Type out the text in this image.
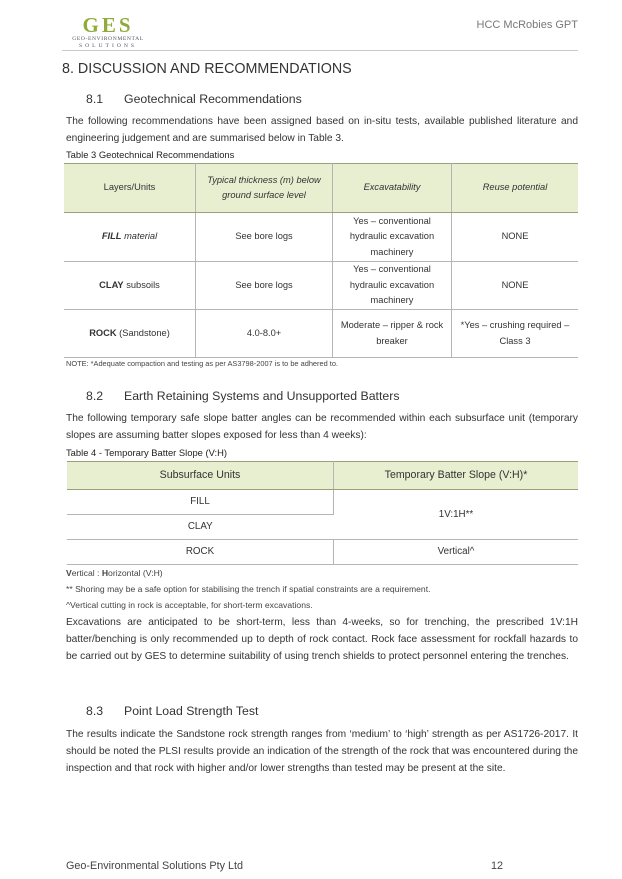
GES
GEO-ENVIRONMENTAL
SOLUTIONS
HCC McRobies GPT
8. DISCUSSION AND RECOMMENDATIONS
8.1 Geotechnical Recommendations
The following recommendations have been assigned based on in-situ tests, available published literature and engineering judgement and are summarised below in Table 3.
Table 3 Geotechnical Recommendations
Layers/Units	Typical thickness (m) below ground surface level	Excavatability	Reuse potential
FILL material	See bore logs	Yes – conventional hydraulic excavation machinery	NONE
CLAY subsoils	See bore logs	Yes – conventional hydraulic excavation machinery	NONE
ROCK (Sandstone)	4.0-8.0+	Moderate – ripper & rock breaker	*Yes – crushing required – Class 3
NOTE: *Adequate compaction and testing as per AS3798-2007 is to be adhered to.
8.2 Earth Retaining Systems and Unsupported Batters
The following temporary safe slope batter angles can be recommended within each subsurface unit (temporary slopes are assuming batter slopes exposed for less than 4 weeks):
Table 4 - Temporary Batter Slope (V:H)
Subsurface Units	Temporary Batter Slope (V:H)*
FILL	1V:1H**
CLAY	
ROCK	Vertical^
Vertical : Horizontal (V:H)
** Shoring may be a safe option for stabilising the trench if spatial constraints are a requirement.
^Vertical cutting in rock is acceptable, for short-term excavations.
Excavations are anticipated to be short-term, less than 4-weeks, so for trenching, the prescribed 1V:1H batter/benching is only recommended up to depth of rock contact. Rock face assessment for rockfall hazards to be carried out by GES to determine suitability of using trench shields to protect personnel entering the trenches.
8.3 Point Load Strength Test
The results indicate the Sandstone rock strength ranges from ‘medium’ to ‘high’ strength as per AS1726-2017. It should be noted the PLSI results provide an indication of the strength of the rock that was encountered during the inspection and that rock with higher and/or lower strengths than tested may be present at the site.
Geo-Environmental Solutions Pty Ltd	12
